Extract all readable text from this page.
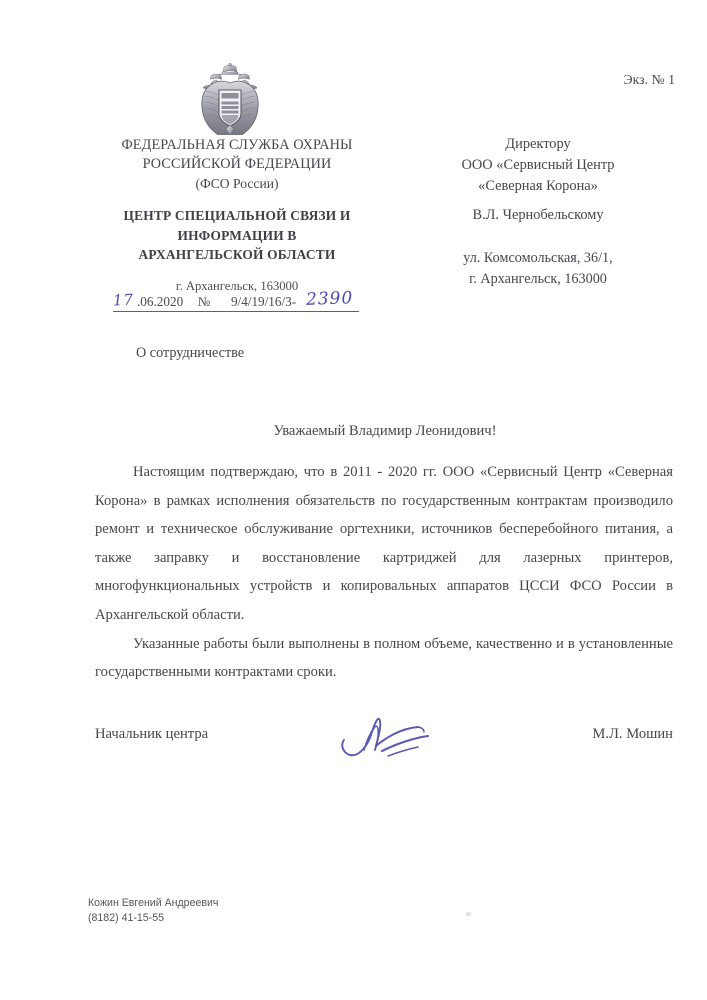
Экз. № 1
ФЕДЕРАЛЬНАЯ СЛУЖБА ОХРАНЫ
РОССИЙСКОЙ ФЕДЕРАЦИИ
(ФСО России)
ЦЕНТР СПЕЦИАЛЬНОЙ СВЯЗИ И
ИНФОРМАЦИИ В
АРХАНГЕЛЬСКОЙ ОБЛАСТИ
г. Архангельск, 163000
17 .06.2020 № 9/4/19/16/3- 2390
Директору
ООО «Сервисный Центр
«Северная Корона»
В.Л. Чернобельскому
ул. Комсомольская, 36/1,
г. Архангельск, 163000
О сотрудничестве
Уважаемый Владимир Леонидович!

Настоящим подтверждаю, что в 2011 - 2020 гг. ООО «Сервисный Центр «Северная Корона» в рамках исполнения обязательств по государственным контрактам производило ремонт и техническое обслуживание оргтехники, источников бесперебойного питания, а также заправку и восстановление картриджей для лазерных принтеров, многофункциональных устройств и копировальных аппаратов ЦССИ ФСО России в Архангельской области.

Указанные работы были выполнены в полном объеме, качественно и в установленные государственными контрактами сроки.

Начальник центра	М.Л. Мошин
Кожин Евгений Андреевич
(8182) 41-15-55
